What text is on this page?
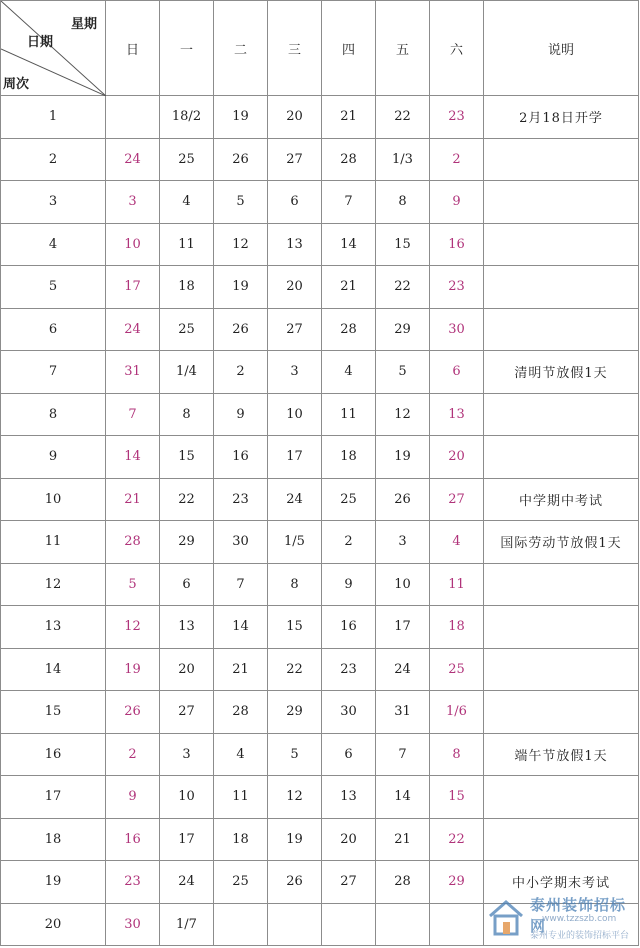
星期
日期
周次	日	一	二	三	四	五	六	说明
1		18/2	19	20	21	22	23	2月18日开学
2	24	25	26	27	28	1/3	2	
3	3	4	5	6	7	8	9	
4	10	11	12	13	14	15	16	
5	17	18	19	20	21	22	23	
6	24	25	26	27	28	29	30	
7	31	1/4	2	3	4	5	6	清明节放假1天
8	7	8	9	10	11	12	13	
9	14	15	16	17	18	19	20	
10	21	22	23	24	25	26	27	中学期中考试
11	28	29	30	1/5	2	3	4	国际劳动节放假1天
12	5	6	7	8	9	10	11	
13	12	13	14	15	16	17	18	
14	19	20	21	22	23	24	25	
15	26	27	28	29	30	31	1/6	
16	2	3	4	5	6	7	8	端午节放假1天
17	9	10	11	12	13	14	15	
18	16	17	18	19	20	21	22	
19	23	24	25	26	27	28	29	中小学期末考试
20	30	1/7						
泰州装饰招标网
www.tzzszb.com
泰州专业的装饰招标平台
